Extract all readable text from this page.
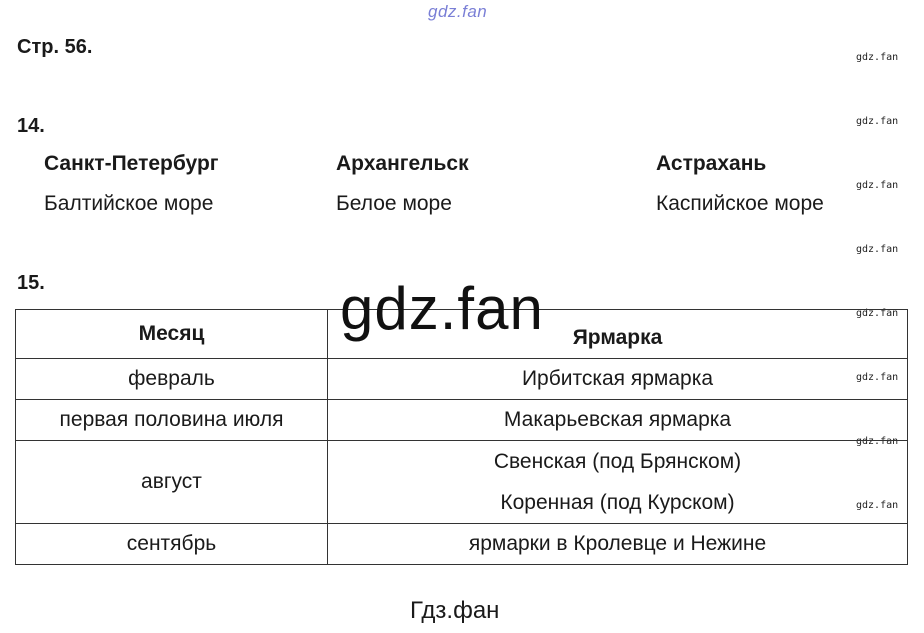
gdz.fan
Стр. 56.	gdz.fan
gdz.fan
gdz.fan
gdz.fan
gdz.fan
gdz.fan
gdz.fan
gdz.fan
14.
Санкт-Петербург	Архангельск	Астрахань
Балтийское море	Белое море	Каспийское море
15.
Месяц	Ярмарка
февраль	Ирбитская ярмарка
первая половина июля	Макарьевская ярмарка
август	Свенская (под Брянском)
Коренная (под Курском)

сентябрь	ярмарки в Кролевце и Нежине
gdz.fan
Гдз.фан
